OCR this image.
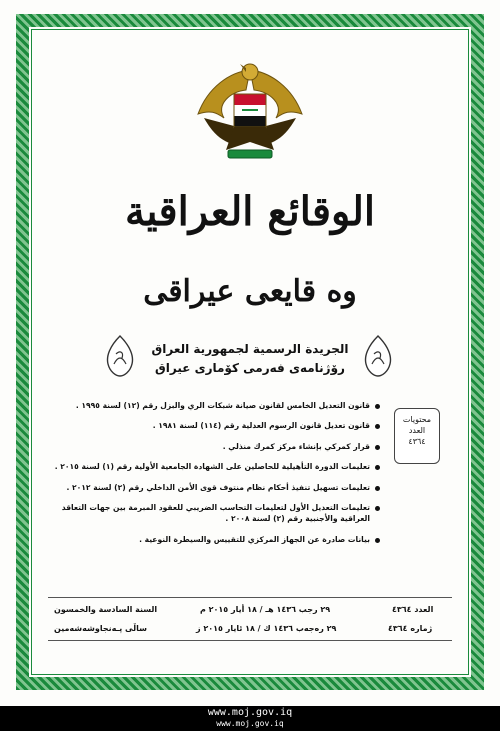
الوقائع العراقية
وه قايعى عيراقى
الجريدة الرسمية لجمهورية العراق
رۆژنامەی فەرمی کۆماری عیراق
محتويات
العدد
٤٣٦٤
قانون التعديل الخامس لقانون صيانة شبكات الري والبزل رقم (١٢) لسنة ١٩٩٥ .
قانون تعديل قانون الرسوم العدلية رقم (١١٤) لسنة ١٩٨١ .
قرار كمركي بإنشاء مركز كمرك منذلي .
تعليمات الدورة التأهيلية للحاصلين على الشهادة الجامعية الأولية رقم (١) لسنة ٢٠١٥ .
تعليمات تسهيل تنفيذ أحكام نظام منتوف قوى الأمن الداخلي رقم (٢) لسنة ٢٠١٢ .
تعليمات التعديل الأول لتعليمات التحاسب الضريبي للعقود المبرمة بين جهات التعاقد العراقية والأجنبية رقم (٢) لسنة ٢٠٠٨ .
بيانات صادرة عن الجهاز المركزي للتقييس والسيطرة النوعية .
العدد ٤٣٦٤
٢٩ رجب ١٤٣٦ هـ / ١٨ أيار ٢٠١٥ م
السنة السادسة والخمسون
ژماره ٤٣٦٤
٢٩ رەجەب ١٤٣٦ ك / ١٨ ئايار ٢٠١٥ ز
ساڵی پـەنجاوشەشەمین
www.moj.gov.iq
www.moj.gov.iq
